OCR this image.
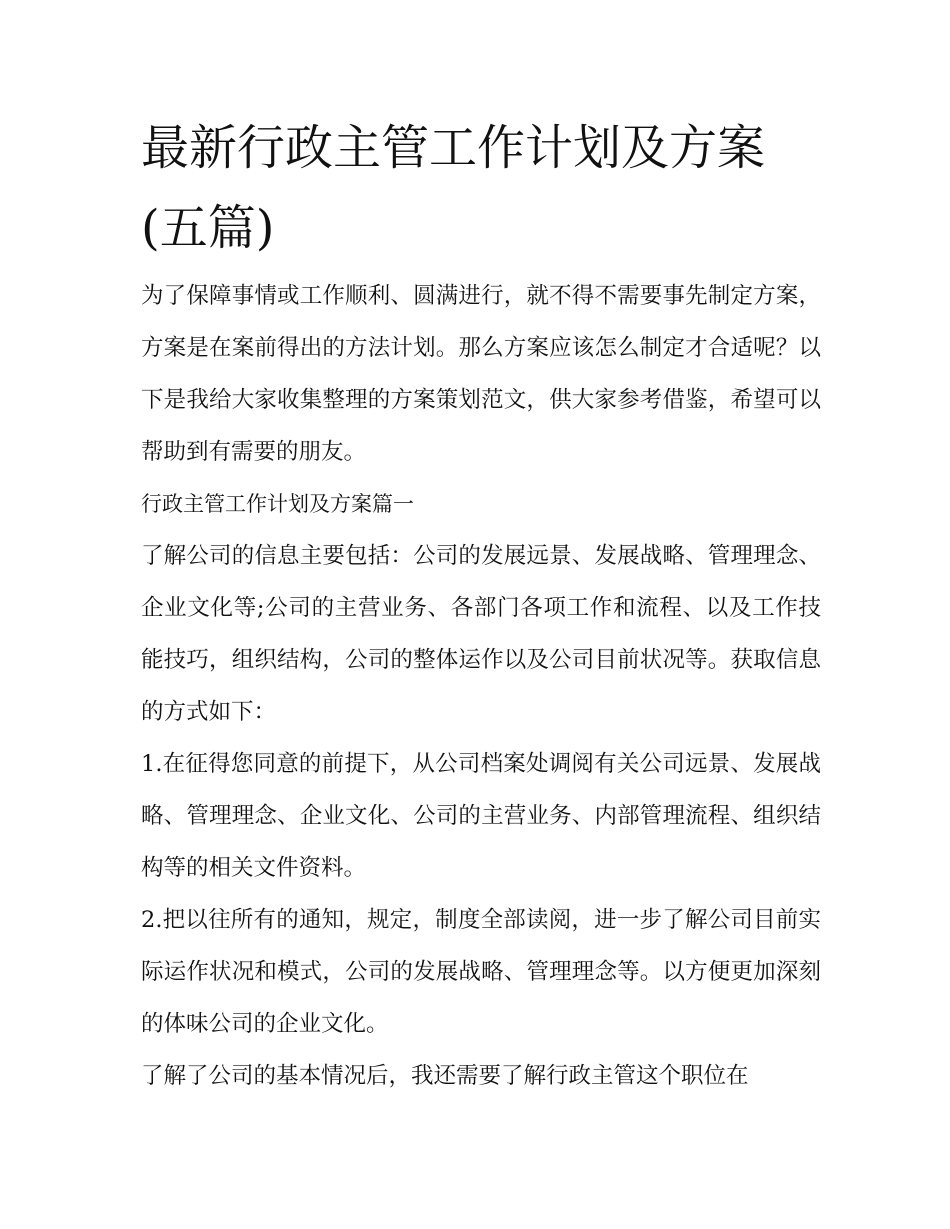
最新行政主管工作计划及方案(五篇)

为了保障事情或工作顺利、圆满进行，就不得不需要事先制定方案，方案是在案前得出的方法计划。那么方案应该怎么制定才合适呢？以下是我给大家收集整理的方案策划范文，供大家参考借鉴，希望可以帮助到有需要的朋友。

行政主管工作计划及方案篇一

了解公司的信息主要包括：公司的发展远景、发展战略、管理理念、企业文化等;公司的主营业务、各部门各项工作和流程、以及工作技能技巧，组织结构，公司的整体运作以及公司目前状况等。获取信息的方式如下：

1.在征得您同意的前提下，从公司档案处调阅有关公司远景、发展战略、管理理念、企业文化、公司的主营业务、内部管理流程、组织结构等的相关文件资料。

2.把以往所有的通知，规定，制度全部读阅，进一步了解公司目前实际运作状况和模式，公司的发展战略、管理理念等。以方便更加深刻的体味公司的企业文化。

了解了公司的基本情况后，我还需要了解行政主管这个职位在
